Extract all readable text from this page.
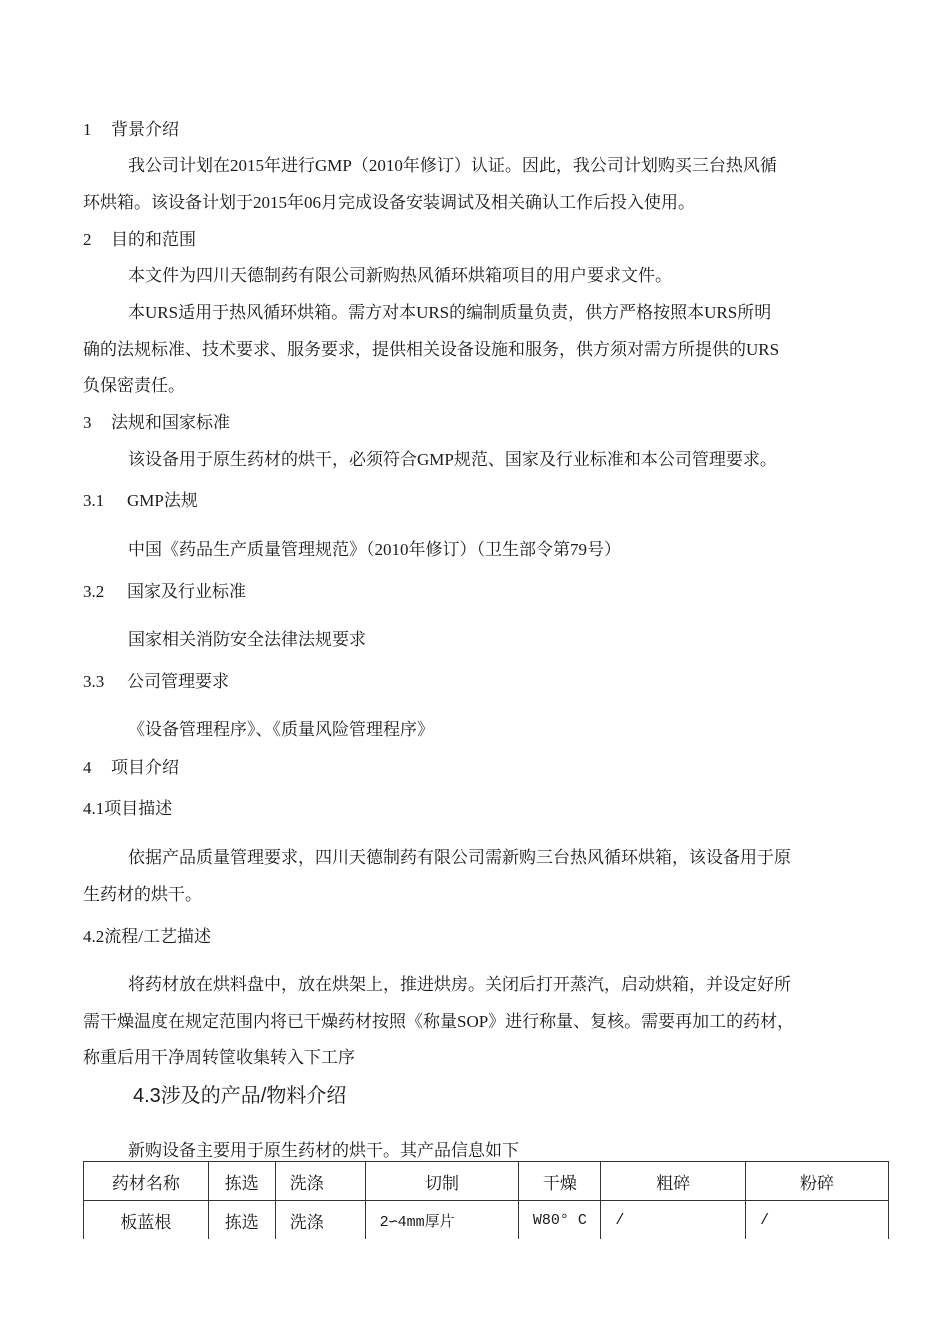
1 背景介绍
我公司计划在2015年进行GMP（2010年修订）认证。因此，我公司计划购买三台热风循
环烘箱。该设备计划于2015年06月完成设备安装调试及相关确认工作后投入使用。
2 目的和范围
本文件为四川天德制药有限公司新购热风循环烘箱项目的用户要求文件。
本URS适用于热风循环烘箱。需方对本URS的编制质量负责，供方严格按照本URS所明
确的法规标准、技术要求、服务要求，提供相关设备设施和服务，供方须对需方所提供的URS
负保密责任。
3 法规和国家标准
该设备用于原生药材的烘干，必须符合GMP规范、国家及行业标准和本公司管理要求。
3.1 GMP法规
中国《药品生产质量管理规范》（2010年修订）（卫生部令第79号）
3.2 国家及行业标准
国家相关消防安全法律法规要求
3.3 公司管理要求
《设备管理程序》、《质量风险管理程序》
4 项目介绍
4.1项目描述
依据产品质量管理要求，四川天德制药有限公司需新购三台热风循环烘箱，该设备用于原
生药材的烘干。
4.2流程/工艺描述
将药材放在烘料盘中，放在烘架上，推进烘房。关闭后打开蒸汽，启动烘箱，并设定好所
需干燥温度在规定范围内将已干燥药材按照《称量SOP》进行称量、复核。需要再加工的药材，
称重后用干净周转筐收集转入下工序
4.3涉及的产品/物料介绍
新购设备主要用于原生药材的烘干。其产品信息如下
药材名称	拣选	洗涤	切制	干燥	粗碎	粉碎
板蓝根	拣选	洗涤	2∽4mm厚片	W80° C	/	/
